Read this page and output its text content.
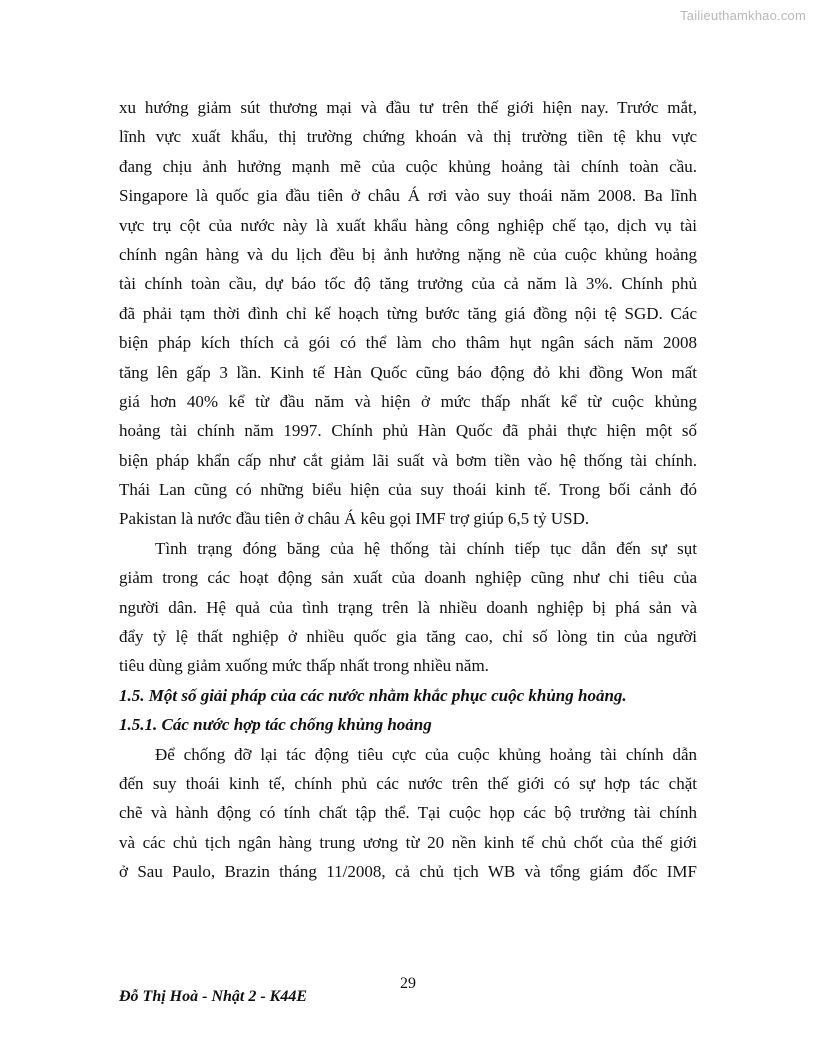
Tailieuthamkhao.com
xu hướng giảm sút thương mại và đầu tư trên thế giới hiện nay. Trước mắt,
lĩnh vực xuất khẩu, thị trường chứng khoán và thị trường tiền tệ khu vực
đang chịu ảnh hưởng mạnh mẽ của cuộc khủng hoảng tài chính toàn cầu.
Singapore là quốc gia đầu tiên ở châu Á rơi vào suy thoái năm 2008. Ba lĩnh
vực trụ cột của nước này là xuất khẩu hàng công nghiệp chế tạo, dịch vụ tài
chính ngân hàng và du lịch đều bị ảnh hưởng nặng nề của cuộc khủng hoảng
tài chính toàn cầu, dự báo tốc độ tăng trưởng của cả năm là 3%. Chính phủ
đã phải tạm thời đình chỉ kế hoạch từng bước tăng giá đồng nội tệ SGD. Các
biện pháp kích thích cả gói có thể làm cho thâm hụt ngân sách năm 2008
tăng lên gấp 3 lần. Kinh tế Hàn Quốc cũng báo động đỏ khi đồng Won mất
giá hơn 40% kể từ đầu năm và hiện ở mức thấp nhất kể từ cuộc khủng
hoảng tài chính năm 1997. Chính phủ Hàn Quốc đã phải thực hiện một số
biện pháp khẩn cấp như cắt giảm lãi suất và bơm tiền vào hệ thống tài chính.
Thái Lan cũng có những biểu hiện của suy thoái kinh tế. Trong bối cảnh đó
Pakistan là nước đầu tiên ở châu Á kêu gọi IMF trợ giúp 6,5 tỷ USD.
Tình trạng đóng băng của hệ thống tài chính tiếp tục dẫn đến sự sụt
giảm trong các hoạt động sản xuất của doanh nghiệp cũng như chi tiêu của
người dân. Hệ quả của tình trạng trên là nhiều doanh nghiệp bị phá sản và
đẩy tỷ lệ thất nghiệp ở nhiều quốc gia tăng cao, chỉ số lòng tin của người
tiêu dùng giảm xuống mức thấp nhất trong nhiều năm.
1.5. Một số giải pháp của các nước nhằm khắc phục cuộc khủng hoảng.
1.5.1. Các nước hợp tác chống khủng hoảng
Để chống đỡ lại tác động tiêu cực của cuộc khủng hoảng tài chính dẫn
đến suy thoái kinh tế, chính phủ các nước trên thế giới có sự hợp tác chặt
chẽ và hành động có tính chất tập thể. Tại cuộc họp các bộ trưởng tài chính
và các chủ tịch ngân hàng trung ương từ 20 nền kinh tế chủ chốt của thế giới
ở Sau Paulo, Brazin tháng 11/2008, cả chủ tịch WB và tổng giám đốc IMF
29
Đỗ Thị Hoà - Nhật 2 - K44E
